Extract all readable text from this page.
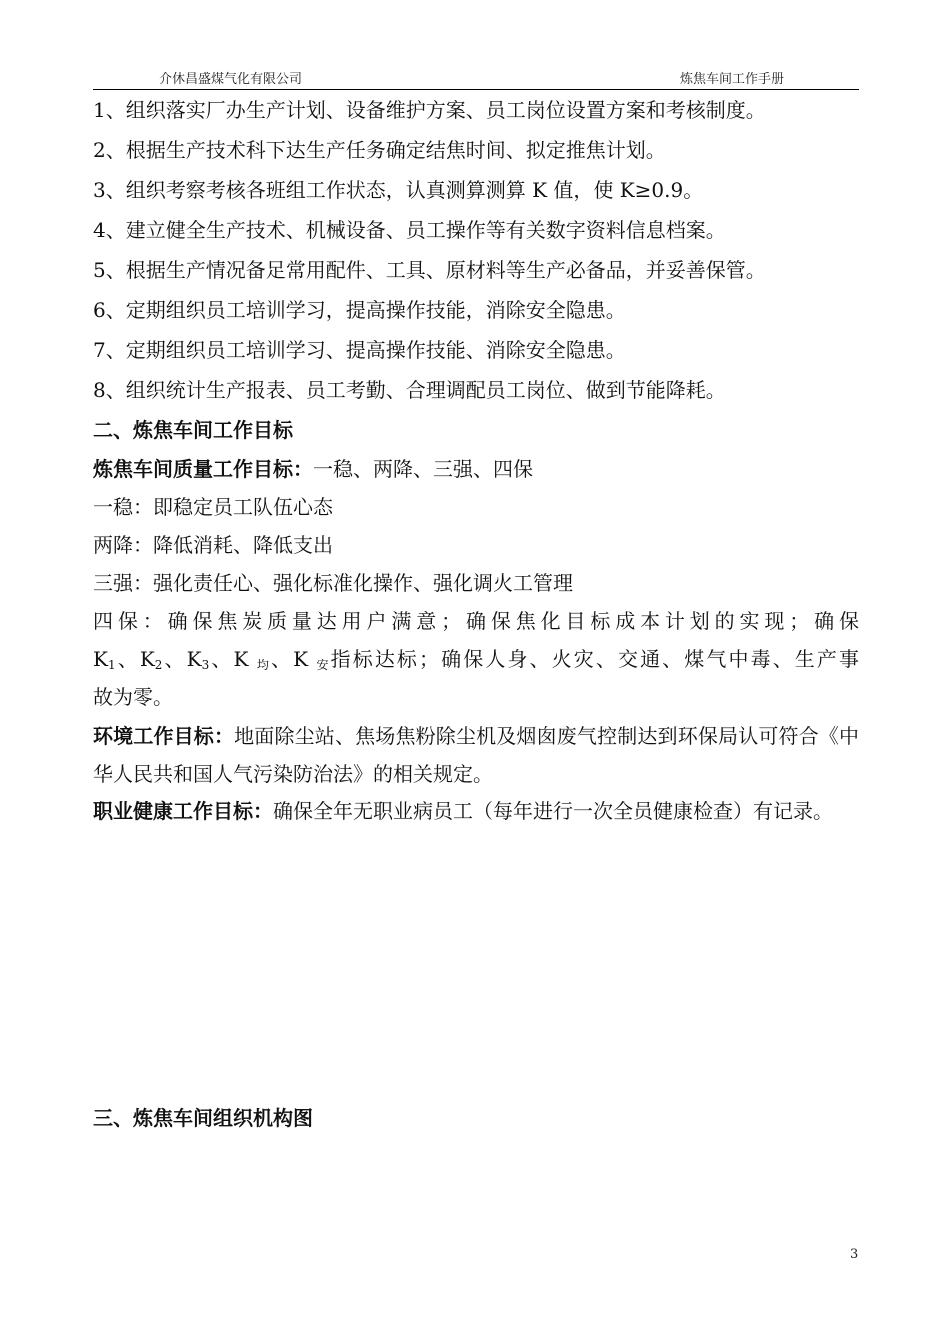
介休昌盛煤气化有限公司	炼焦车间工作手册
1、组织落实厂办生产计划、设备维护方案、员工岗位设置方案和考核制度。
2、根据生产技术科下达生产任务确定结焦时间、拟定推焦计划。
3、组织考察考核各班组工作状态，认真测算测算 K 值，使 K≥0.9。
4、建立健全生产技术、机械设备、员工操作等有关数字资料信息档案。
5、根据生产情况备足常用配件、工具、原材料等生产必备品，并妥善保管。
6、定期组织员工培训学习，提高操作技能，消除安全隐患。
7、定期组织员工培训学习、提高操作技能、消除安全隐患。
8、组织统计生产报表、员工考勤、合理调配员工岗位、做到节能降耗。
二、炼焦车间工作目标
炼焦车间质量工作目标：一稳、两降、三强、四保
一稳：即稳定员工队伍心态
两降：降低消耗、降低支出
三强：强化责任心、强化标准化操作、强化调火工管理
四保：确保焦炭质量达用户满意；确保焦化目标成本计划的实现；确保
$K_1$、$K_2$、$K_3$、K $_均$、K $_安$指标达标；确保人身、火灾、交通、煤气中毒、生产事
故为零。
环境工作目标：地面除尘站、焦场焦粉除尘机及烟囱废气控制达到环保局认可符合《中华人民共和国人气污染防治法》的相关规定。
职业健康工作目标：确保全年无职业病员工（每年进行一次全员健康检查）有记录。
三、炼焦车间组织机构图
3
